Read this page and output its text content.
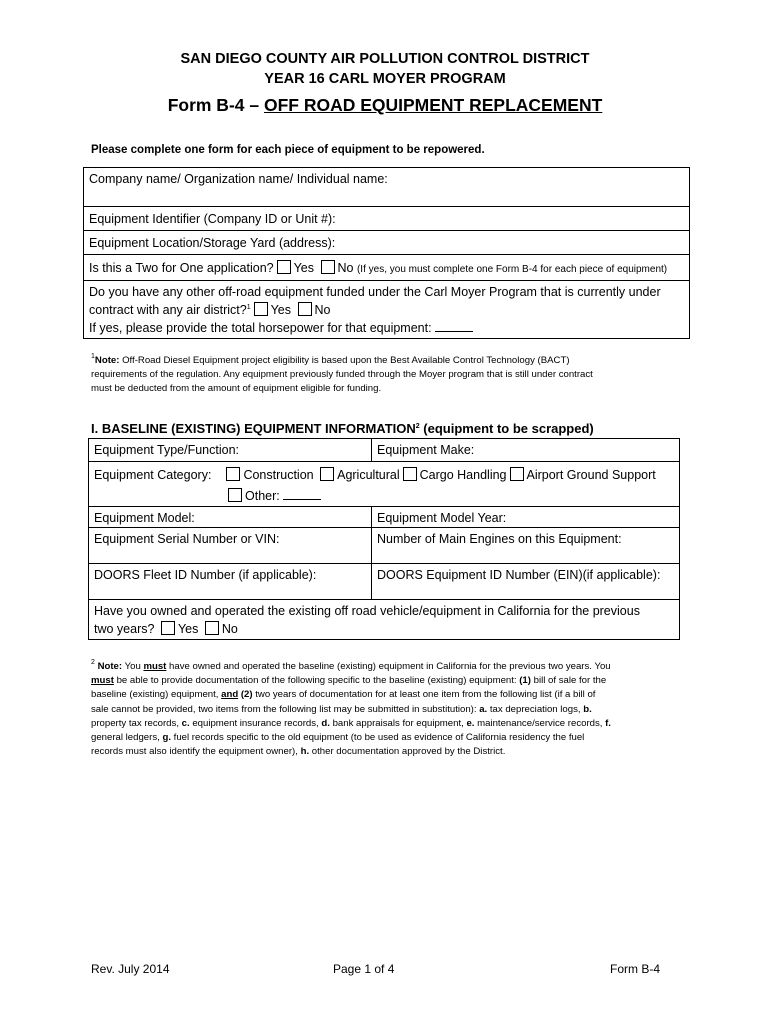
SAN DIEGO COUNTY AIR POLLUTION CONTROL DISTRICT
YEAR 16 CARL MOYER PROGRAM
Form B-4 – OFF ROAD EQUIPMENT REPLACEMENT
Please complete one form for each piece of equipment to be repowered.
Company name/ Organization name/ Individual name:
Equipment Identifier (Company ID or Unit #):
Equipment Location/Storage Yard (address):
Is this a Two for One application? Yes No (If yes, you must complete one Form B-4 for each piece of equipment)

Do you have any other off-road equipment funded under the Carl Moyer Program that is currently under
contract with any air district?$^1$ Yes No
If yes, please provide the total horsepower for that equipment:
$^1$Note: Off-Road Diesel Equipment project eligibility is based upon the Best Available Control Technology (BACT)
requirements of the regulation. Any equipment previously funded through the Moyer program that is still under contract
must be deducted from the amount of equipment eligible for funding.
I. BASELINE (EXISTING) EQUIPMENT INFORMATION$^2$ (equipment to be scrapped)
Equipment Type/Function:	Equipment Make:

Equipment Category: Construction Agricultural Cargo Handling Airport Ground Support
Other:	

Equipment Model:	Equipment Model Year:
Equipment Serial Number or VIN:	Number of Main Engines on this Equipment:
DOORS Fleet ID Number (if applicable):	DOORS Equipment ID Number (EIN)(if applicable):

Have you owned and operated the existing off road vehicle/equipment in California for the previous
two years? Yes No	
$^2$ Note: You must have owned and operated the baseline (existing) equipment in California for the previous two years. You
must be able to provide documentation of the following specific to the baseline (existing) equipment: (1) bill of sale for the
baseline (existing) equipment, and (2) two years of documentation for at least one item from the following list (if a bill of
sale cannot be provided, two items from the following list may be submitted in substitution): a. tax depreciation logs, b.
property tax records, c. equipment insurance records, d. bank appraisals for equipment, e. maintenance/service records, f.
general ledgers, g. fuel records specific to the old equipment (to be used as evidence of California residency the fuel
records must also identify the equipment owner), h. other documentation approved by the District.
Rev. July 2014	Page 1 of 4	Form B-4
